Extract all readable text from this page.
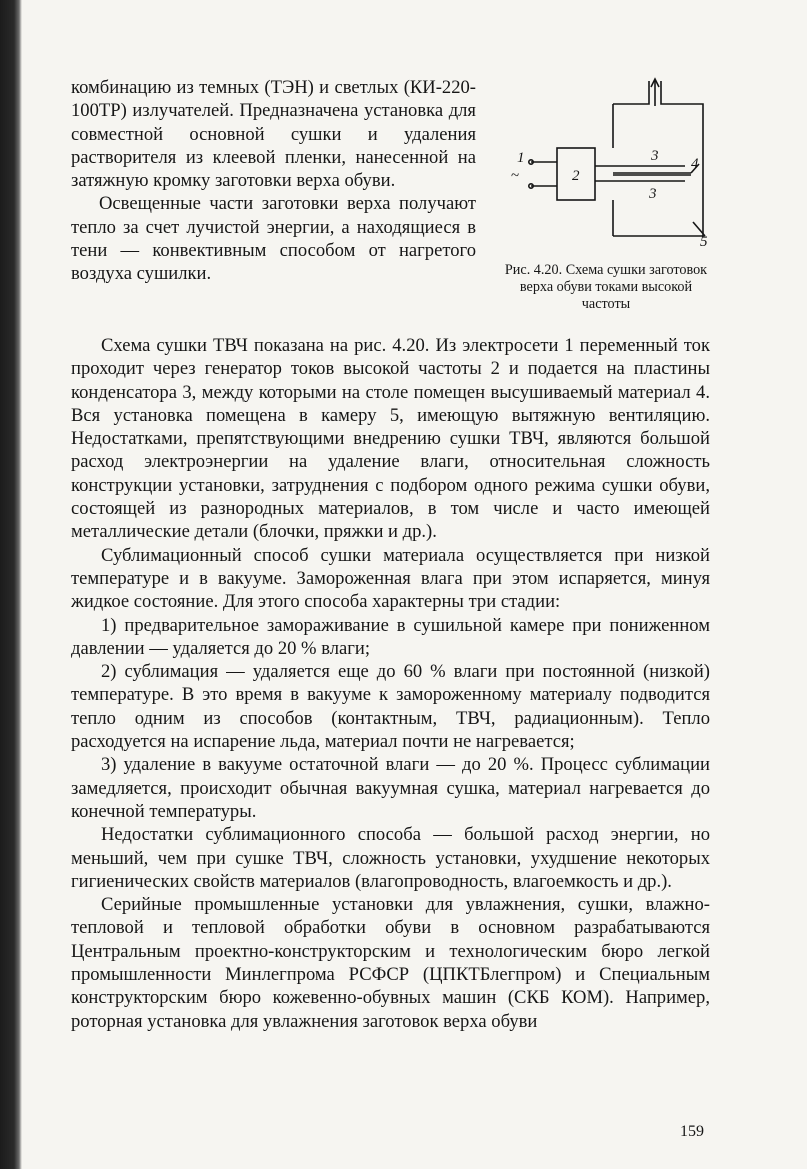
комбинацию из темных (ТЭН) и светлых (КИ-220-100ТР) излучателей. Предназначена установка для совместной основной сушки и удаления растворителя из клеевой пленки, нанесенной на затяжную кромку заготовки верха обуви.

Освещенные части заготовки верха получают тепло за счет лучистой энергии, а находящиеся в тени — конвективным способом от нагретого воздуха сушилки.

1
2
3
3
4
5
~
Рис. 4.20. Схема сушки заготовок верха обуви токами высокой частоты

Схема сушки ТВЧ показана на рис. 4.20. Из электросети 1 переменный ток проходит через генератор токов высокой частоты 2 и подается на пластины конденсатора 3, между которыми на столе помещен высушиваемый материал 4. Вся установка помещена в камеру 5, имеющую вытяжную вентиляцию. Недостатками, препятствующими внедрению сушки ТВЧ, являются большой расход электроэнергии на удаление влаги, относительная сложность конструкции установки, затруднения с подбором одного режима сушки обуви, состоящей из разнородных материалов, в том числе и часто имеющей металлические детали (блочки, пряжки и др.).

Сублимационный способ сушки материала осуществляется при низкой температуре и в вакууме. Замороженная влага при этом испаряется, минуя жидкое состояние. Для этого способа характерны три стадии:

1) предварительное замораживание в сушильной камере при пониженном давлении — удаляется до 20 % влаги;

2) сублимация — удаляется еще до 60 % влаги при постоянной (низкой) температуре. В это время в вакууме к замороженному материалу подводится тепло одним из способов (контактным, ТВЧ, радиационным). Тепло расходуется на испарение льда, материал почти не нагревается;

3) удаление в вакууме остаточной влаги — до 20 %. Процесс сублимации замедляется, происходит обычная вакуумная сушка, материал нагревается до конечной температуры.

Недостатки сублимационного способа — большой расход энергии, но меньший, чем при сушке ТВЧ, сложность установки, ухудшение некоторых гигиенических свойств материалов (влагопроводность, влагоемкость и др.).

Серийные промышленные установки для увлажнения, сушки, влажно-тепловой и тепловой обработки обуви в основном разрабатываются Центральным проектно-конструкторским и технологическим бюро легкой промышленности Минлегпрома РСФСР (ЦПКТБлегпром) и Специальным конструкторским бюро кожевенно-обувных машин (СКБ КОМ). Например, роторная установка для увлажнения заготовок верха обуви

159
